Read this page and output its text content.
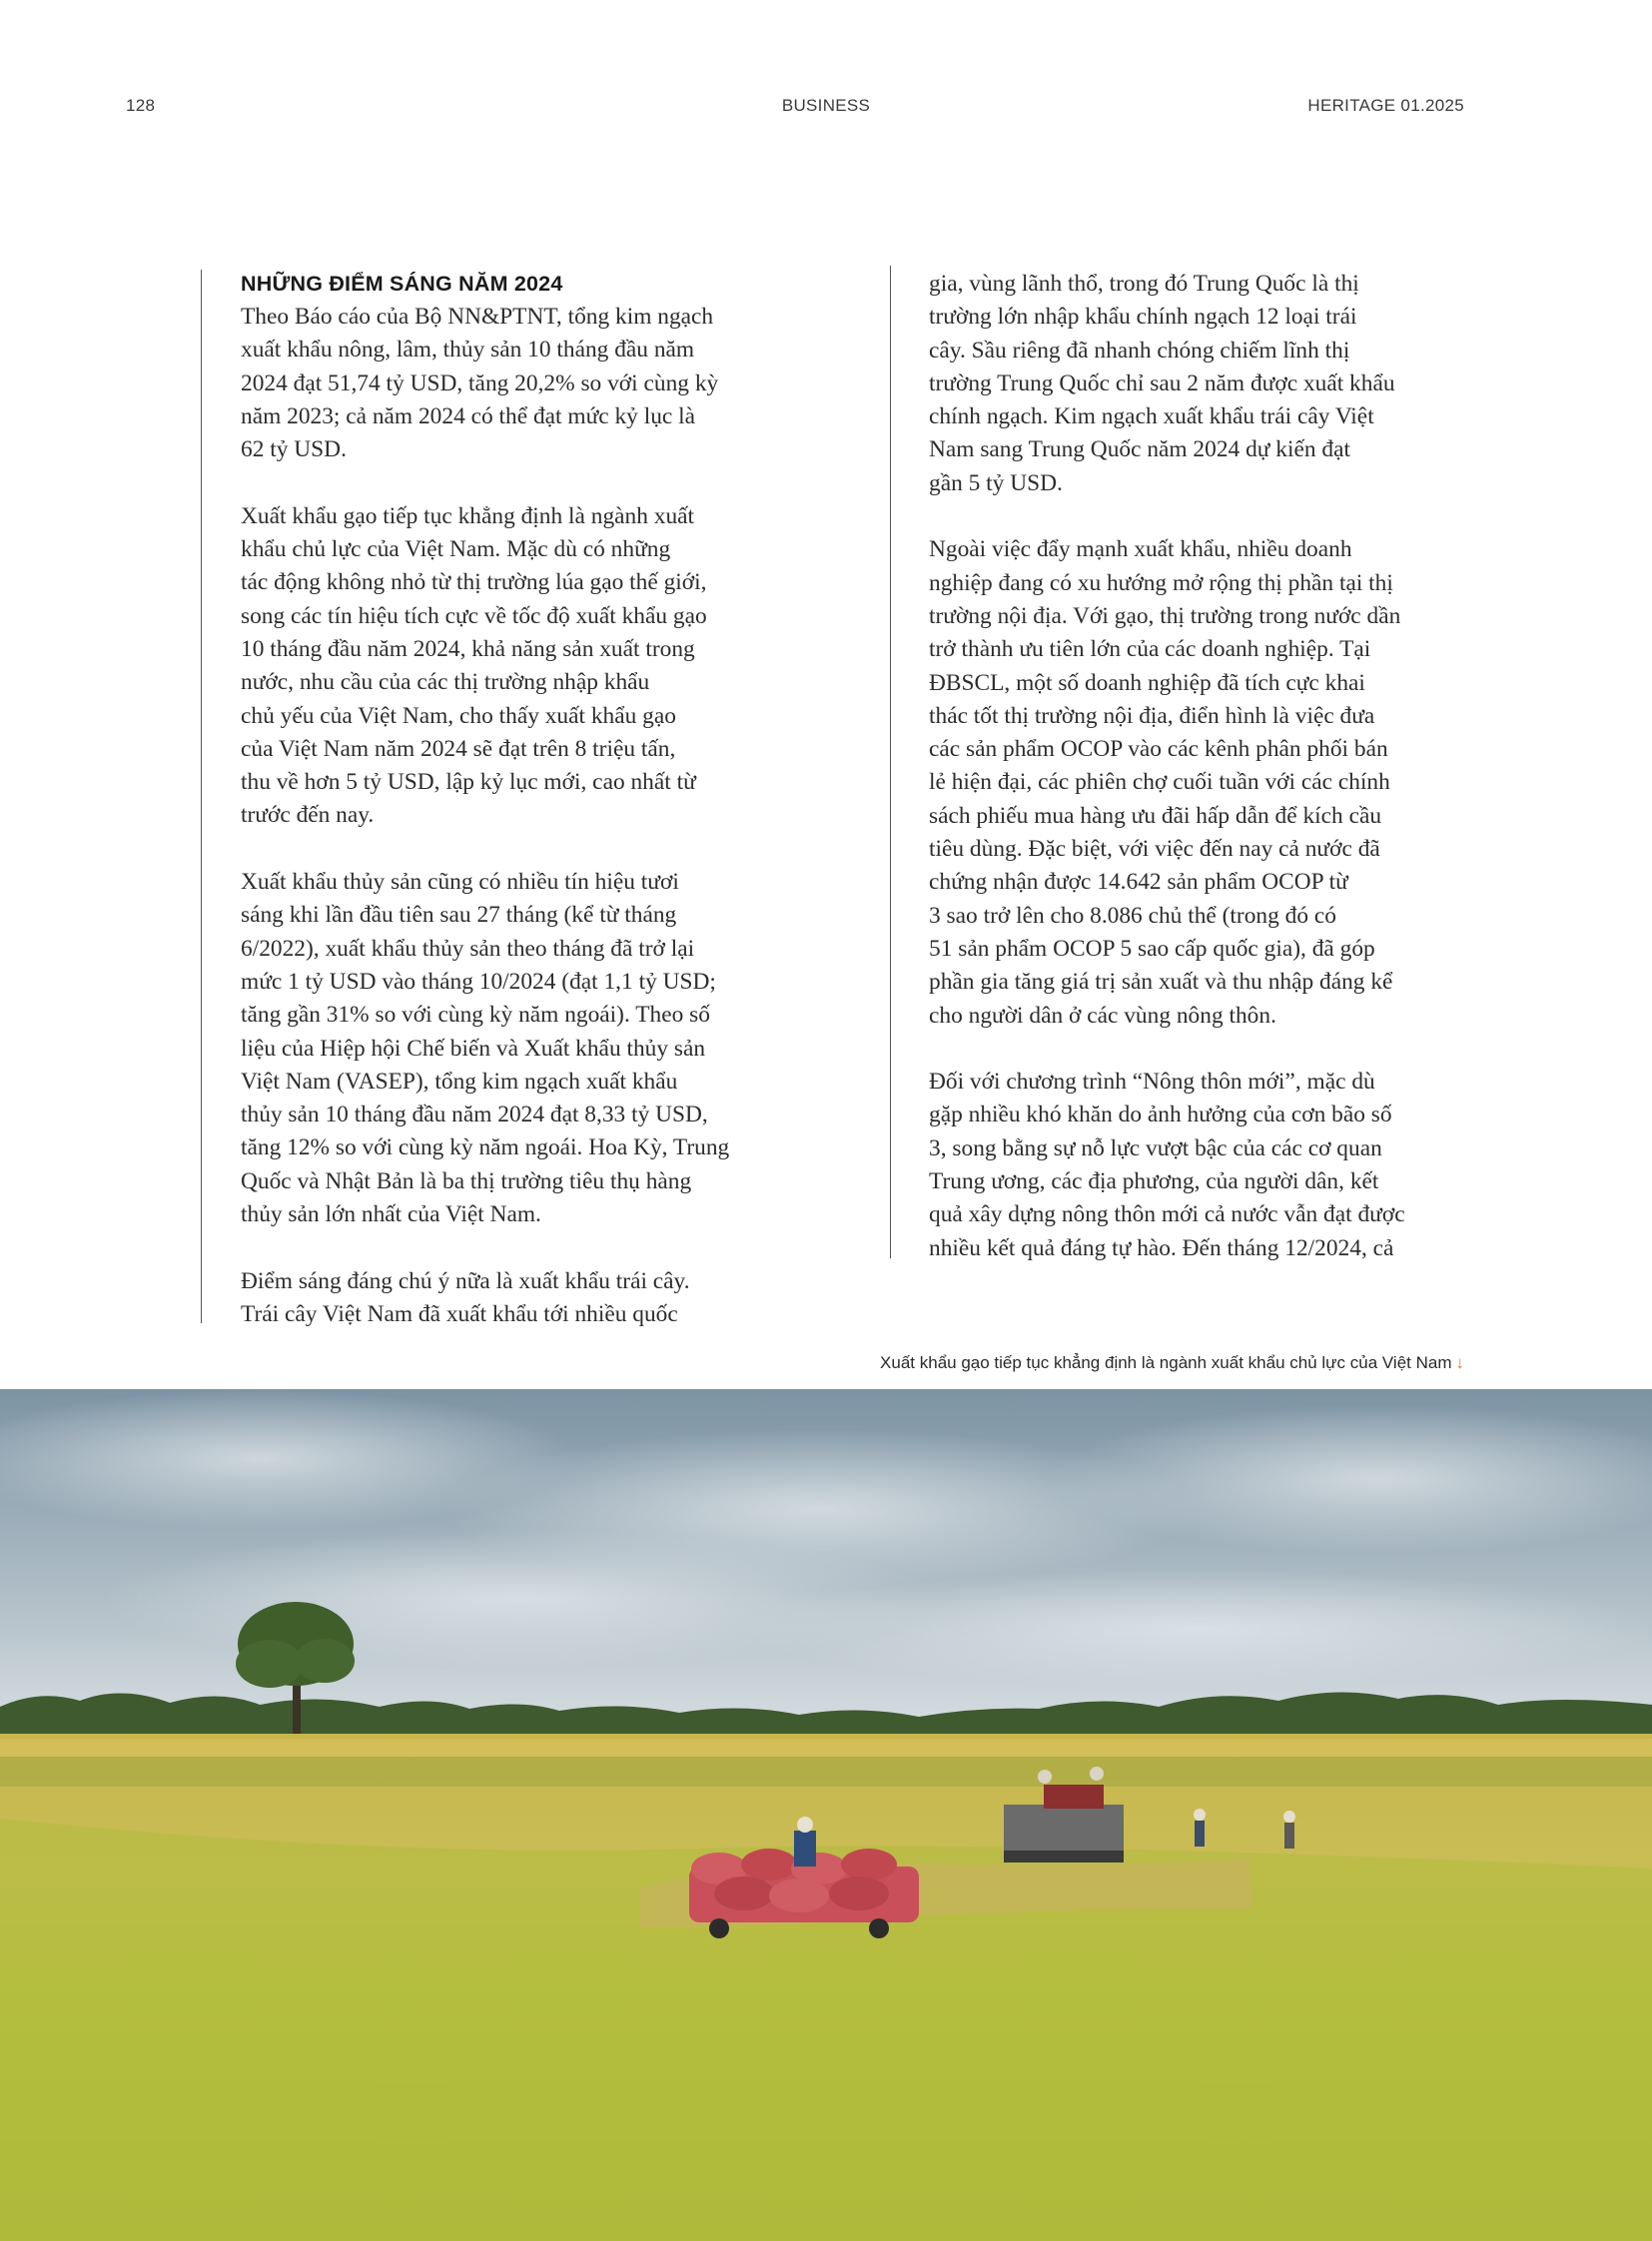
128	BUSINESS	HERITAGE 01.2025
NHỮNG ĐIỂM SÁNG NĂM 2024

Theo Báo cáo của Bộ NN&PTNT, tổng kim ngạch
xuất khẩu nông, lâm, thủy sản 10 tháng đầu năm
2024 đạt 51,74 tỷ USD, tăng 20,2% so với cùng kỳ
năm 2023; cả năm 2024 có thể đạt mức kỷ lục là
62 tỷ USD.

Xuất khẩu gạo tiếp tục khẳng định là ngành xuất
khẩu chủ lực của Việt Nam. Mặc dù có những
tác động không nhỏ từ thị trường lúa gạo thế giới,
song các tín hiệu tích cực về tốc độ xuất khẩu gạo
10 tháng đầu năm 2024, khả năng sản xuất trong
nước, nhu cầu của các thị trường nhập khẩu
chủ yếu của Việt Nam, cho thấy xuất khẩu gạo
của Việt Nam năm 2024 sẽ đạt trên 8 triệu tấn,
thu về hơn 5 tỷ USD, lập kỷ lục mới, cao nhất từ
trước đến nay.

Xuất khẩu thủy sản cũng có nhiều tín hiệu tươi
sáng khi lần đầu tiên sau 27 tháng (kể từ tháng
6/2022), xuất khẩu thủy sản theo tháng đã trở lại
mức 1 tỷ USD vào tháng 10/2024 (đạt 1,1 tỷ USD;
tăng gần 31% so với cùng kỳ năm ngoái). Theo số
liệu của Hiệp hội Chế biến và Xuất khẩu thủy sản
Việt Nam (VASEP), tổng kim ngạch xuất khẩu
thủy sản 10 tháng đầu năm 2024 đạt 8,33 tỷ USD,
tăng 12% so với cùng kỳ năm ngoái. Hoa Kỳ, Trung
Quốc và Nhật Bản là ba thị trường tiêu thụ hàng
thủy sản lớn nhất của Việt Nam.

Điểm sáng đáng chú ý nữa là xuất khẩu trái cây.
Trái cây Việt Nam đã xuất khẩu tới nhiều quốc

gia, vùng lãnh thổ, trong đó Trung Quốc là thị
trường lớn nhập khẩu chính ngạch 12 loại trái
cây. Sầu riêng đã nhanh chóng chiếm lĩnh thị
trường Trung Quốc chỉ sau 2 năm được xuất khẩu
chính ngạch. Kim ngạch xuất khẩu trái cây Việt
Nam sang Trung Quốc năm 2024 dự kiến đạt
gần 5 tỷ USD.

Ngoài việc đẩy mạnh xuất khẩu, nhiều doanh
nghiệp đang có xu hướng mở rộng thị phần tại thị
trường nội địa. Với gạo, thị trường trong nước dần
trở thành ưu tiên lớn của các doanh nghiệp. Tại
ĐBSCL, một số doanh nghiệp đã tích cực khai
thác tốt thị trường nội địa, điển hình là việc đưa
các sản phẩm OCOP vào các kênh phân phối bán
lẻ hiện đại, các phiên chợ cuối tuần với các chính
sách phiếu mua hàng ưu đãi hấp dẫn để kích cầu
tiêu dùng. Đặc biệt, với việc đến nay cả nước đã
chứng nhận được 14.642 sản phẩm OCOP từ
3 sao trở lên cho 8.086 chủ thể (trong đó có
51 sản phẩm OCOP 5 sao cấp quốc gia), đã góp
phần gia tăng giá trị sản xuất và thu nhập đáng kể
cho người dân ở các vùng nông thôn.

Đối với chương trình “Nông thôn mới”, mặc dù
gặp nhiều khó khăn do ảnh hưởng của cơn bão số
3, song bằng sự nỗ lực vượt bậc của các cơ quan
Trung ương, các địa phương, của người dân, kết
quả xây dựng nông thôn mới cả nước vẫn đạt được
nhiều kết quả đáng tự hào. Đến tháng 12/2024, cả

Xuất khẩu gạo tiếp tục khẳng định là ngành xuất khẩu chủ lực của Việt Nam ↓
